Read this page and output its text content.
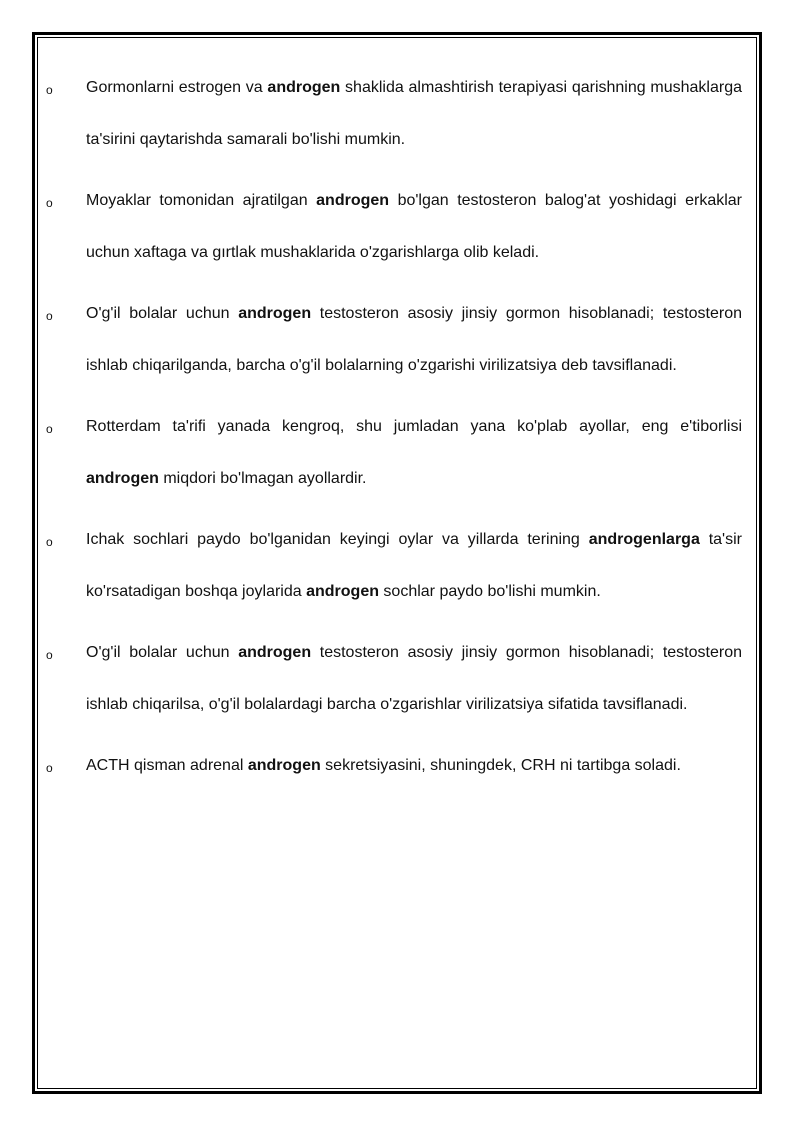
o Gormonlarni estrogen va androgen shaklida almashtirish terapiyasi qarishning mushaklarga ta'sirini qaytarishda samarali bo'lishi mumkin.

o Moyaklar tomonidan ajratilgan androgen bo'lgan testosteron balog'at yoshidagi erkaklar uchun xaftaga va gırtlak mushaklarida o'zgarishlarga olib keladi.

o O'g'il bolalar uchun androgen testosteron asosiy jinsiy gormon hisoblanadi; testosteron ishlab chiqarilganda, barcha o'g'il bolalarning o'zgarishi virilizatsiya deb tavsiflanadi.

o Rotterdam ta'rifi yanada kengroq, shu jumladan yana ko'plab ayollar, eng e'tiborlisi androgen miqdori bo'lmagan ayollardir.

o Ichak sochlari paydo bo'lganidan keyingi oylar va yillarda terining androgenlarga ta'sir ko'rsatadigan boshqa joylarida androgen sochlar paydo bo'lishi mumkin.

o O'g'il bolalar uchun androgen testosteron asosiy jinsiy gormon hisoblanadi; testosteron ishlab chiqarilsa, o'g'il bolalardagi barcha o'zgarishlar virilizatsiya sifatida tavsiflanadi.

o ACTH qisman adrenal androgen sekretsiyasini, shuningdek, CRH ni tartibga soladi.
